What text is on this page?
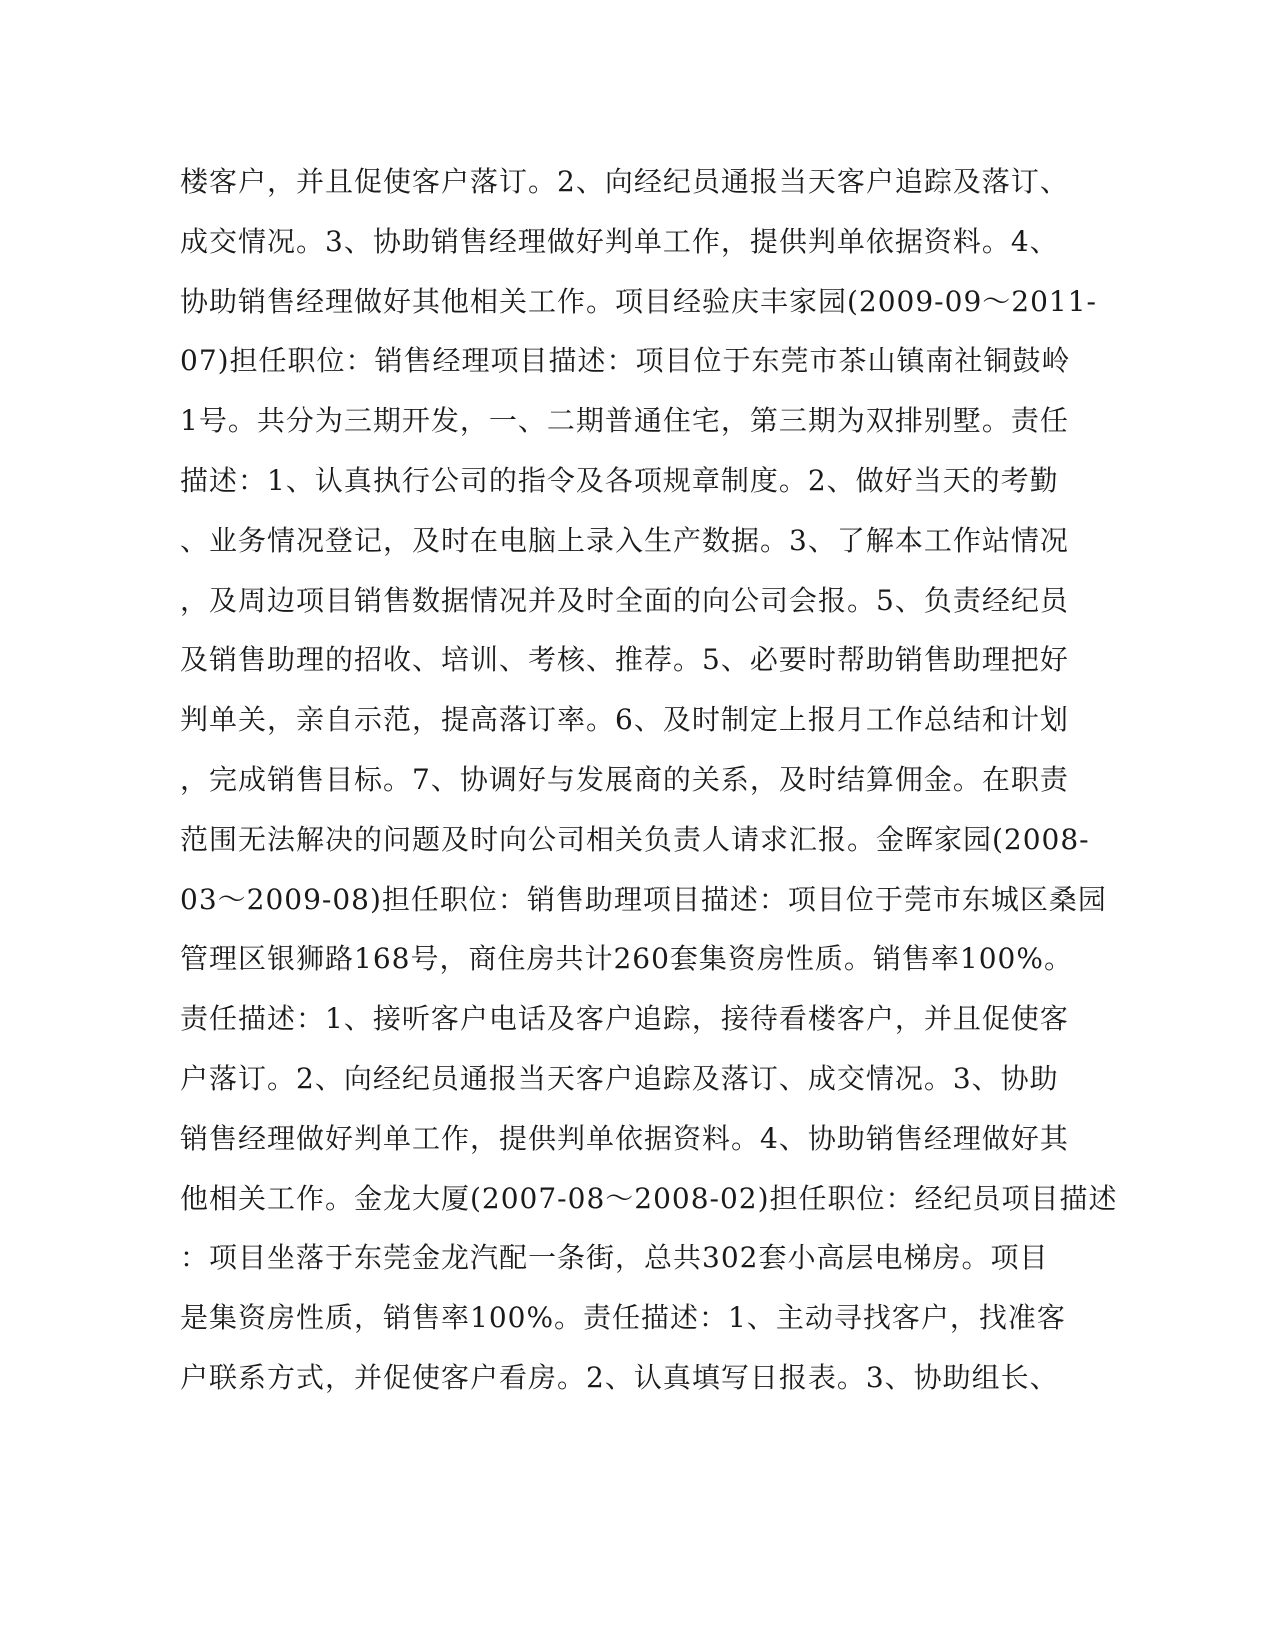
楼客户，并且促使客户落订。2、向经纪员通报当天客户追踪及落订、
成交情况。3、协助销售经理做好判单工作，提供判单依据资料。4、
协助销售经理做好其他相关工作。项目经验庆丰家园(2009-09～2011-
07)担任职位：销售经理项目描述：项目位于东莞市茶山镇南社铜鼓岭
1号。共分为三期开发，一、二期普通住宅，第三期为双排别墅。责任
描述：1、认真执行公司的指令及各项规章制度。2、做好当天的考勤
、业务情况登记，及时在电脑上录入生产数据。3、了解本工作站情况
，及周边项目销售数据情况并及时全面的向公司会报。5、负责经纪员
及销售助理的招收、培训、考核、推荐。5、必要时帮助销售助理把好
判单关，亲自示范，提高落订率。6、及时制定上报月工作总结和计划
，完成销售目标。7、协调好与发展商的关系，及时结算佣金。在职责
范围无法解决的问题及时向公司相关负责人请求汇报。金晖家园(2008-
03～2009-08)担任职位：销售助理项目描述：项目位于莞市东城区桑园
管理区银狮路168号，商住房共计260套集资房性质。销售率100%。
责任描述：1、接听客户电话及客户追踪，接待看楼客户，并且促使客
户落订。2、向经纪员通报当天客户追踪及落订、成交情况。3、协助
销售经理做好判单工作，提供判单依据资料。4、协助销售经理做好其
他相关工作。金龙大厦(2007-08～2008-02)担任职位：经纪员项目描述
：项目坐落于东莞金龙汽配一条街，总共302套小高层电梯房。项目
是集资房性质，销售率100%。责任描述：1、主动寻找客户，找准客
户联系方式，并促使客户看房。2、认真填写日报表。3、协助组长、
